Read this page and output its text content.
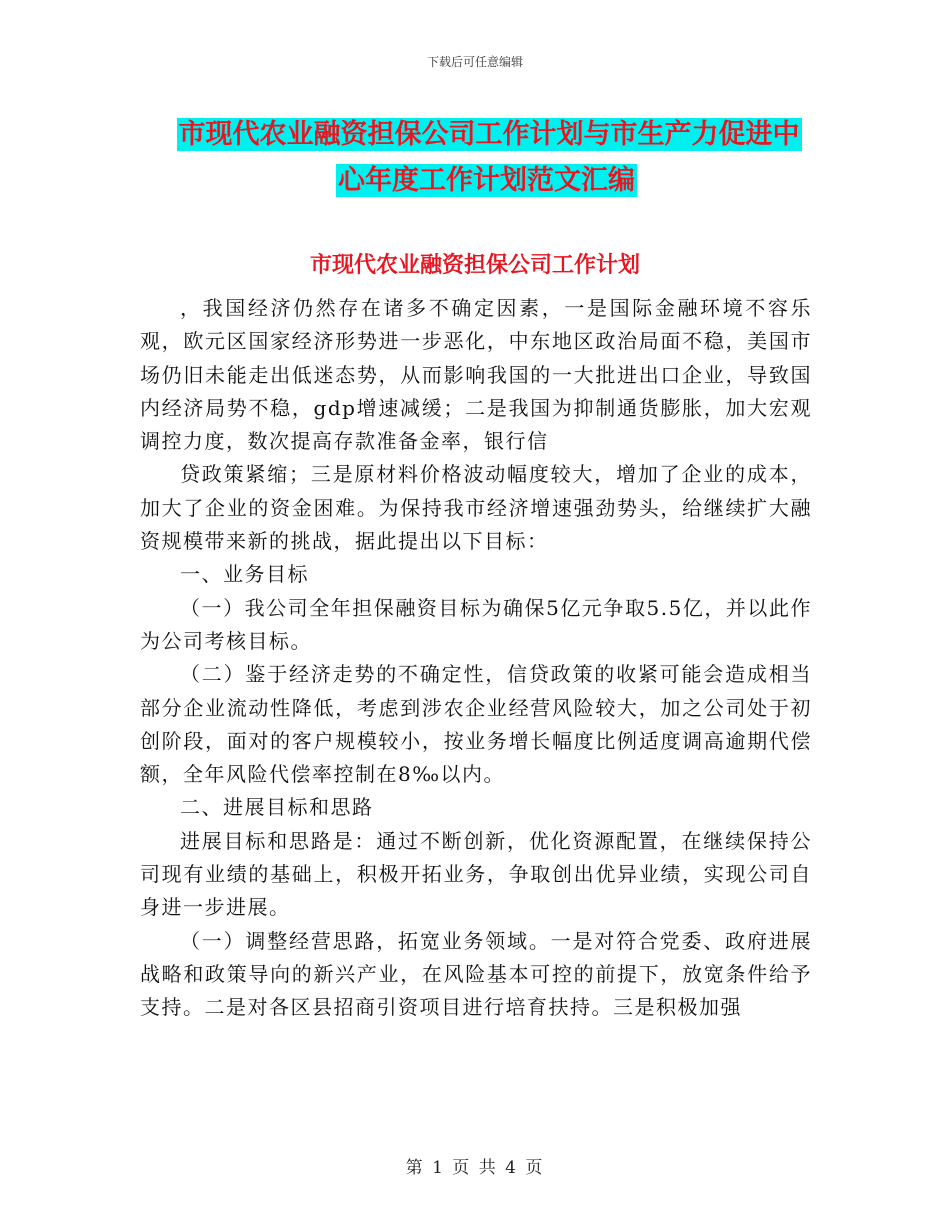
下载后可任意编辑
市现代农业融资担保公司工作计划与市生产力促进中
心年度工作计划范文汇编
市现代农业融资担保公司工作计划

，我国经济仍然存在诸多不确定因素，一是国际金融环境不容乐观，欧元区国家经济形势进一步恶化，中东地区政治局面不稳，美国市场仍旧未能走出低迷态势，从而影响我国的一大批进出口企业，导致国内经济局势不稳，gdp增速减缓；二是我国为抑制通货膨胀，加大宏观调控力度，数次提高存款准备金率，银行信

贷政策紧缩；三是原材料价格波动幅度较大，增加了企业的成本，加大了企业的资金困难。为保持我市经济增速强劲势头，给继续扩大融资规模带来新的挑战，据此提出以下目标：

一、业务目标

（一）我公司全年担保融资目标为确保5亿元争取5.5亿，并以此作为公司考核目标。

（二）鉴于经济走势的不确定性，信贷政策的收紧可能会造成相当部分企业流动性降低，考虑到涉农企业经营风险较大，加之公司处于初创阶段，面对的客户规模较小，按业务增长幅度比例适度调高逾期代偿额，全年风险代偿率控制在8‰以内。

二、进展目标和思路

进展目标和思路是：通过不断创新，优化资源配置，在继续保持公司现有业绩的基础上，积极开拓业务，争取创出优异业绩，实现公司自身进一步进展。

（一）调整经营思路，拓宽业务领域。一是对符合党委、政府进展战略和政策导向的新兴产业，在风险基本可控的前提下，放宽条件给予支持。二是对各区县招商引资项目进行培育扶持。三是积极加强

第 1 页 共 4 页
